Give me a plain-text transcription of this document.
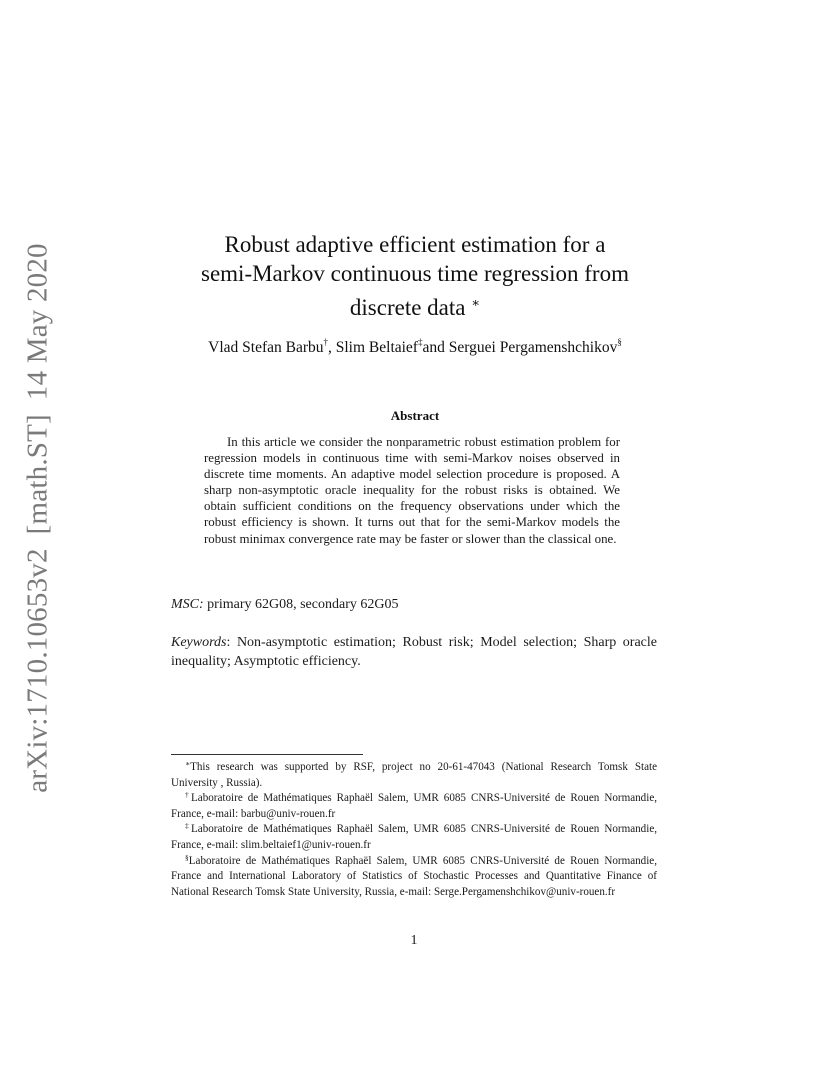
arXiv:1710.10653v2[math.ST]14 May 2020	Robust adaptive efficient estimation for a
semi-Markov continuous time regression from
discrete data ∗
Vlad Stefan Barbu†, Slim Beltaief‡and Serguei Pergamenshchikov§
Abstract

In this article we consider the nonparametric robust estimation problem for regression models in continuous time with semi-Markov noises observed in discrete time moments. An adaptive model selection procedure is proposed. A sharp non-asymptotic oracle inequality for the robust risks is obtained. We obtain sufficient conditions on the frequency observations under which the robust efficiency is shown. It turns out that for the semi-Markov models the robust minimax convergence rate may be faster or slower than the classical one.

MSC: primary 62G08, secondary 62G05

Keywords: Non-asymptotic estimation; Robust risk; Model selection; Sharp oracle inequality; Asymptotic efficiency.

∗This research was supported by RSF, project no 20-61-47043 (National Research Tomsk State University , Russia).

†Laboratoire de Mathématiques Raphaël Salem, UMR 6085 CNRS-Université de Rouen Normandie, France, e-mail: barbu@univ-rouen.fr

‡Laboratoire de Mathématiques Raphaël Salem, UMR 6085 CNRS-Université de Rouen Normandie, France, e-mail: slim.beltaief1@univ-rouen.fr

§Laboratoire de Mathématiques Raphaël Salem, UMR 6085 CNRS-Université de Rouen Normandie, France and International Laboratory of Statistics of Stochastic Processes and Quantitative Finance of National Research Tomsk State University, Russia, e-mail: Serge.Pergamenshchikov@univ-rouen.fr

1
